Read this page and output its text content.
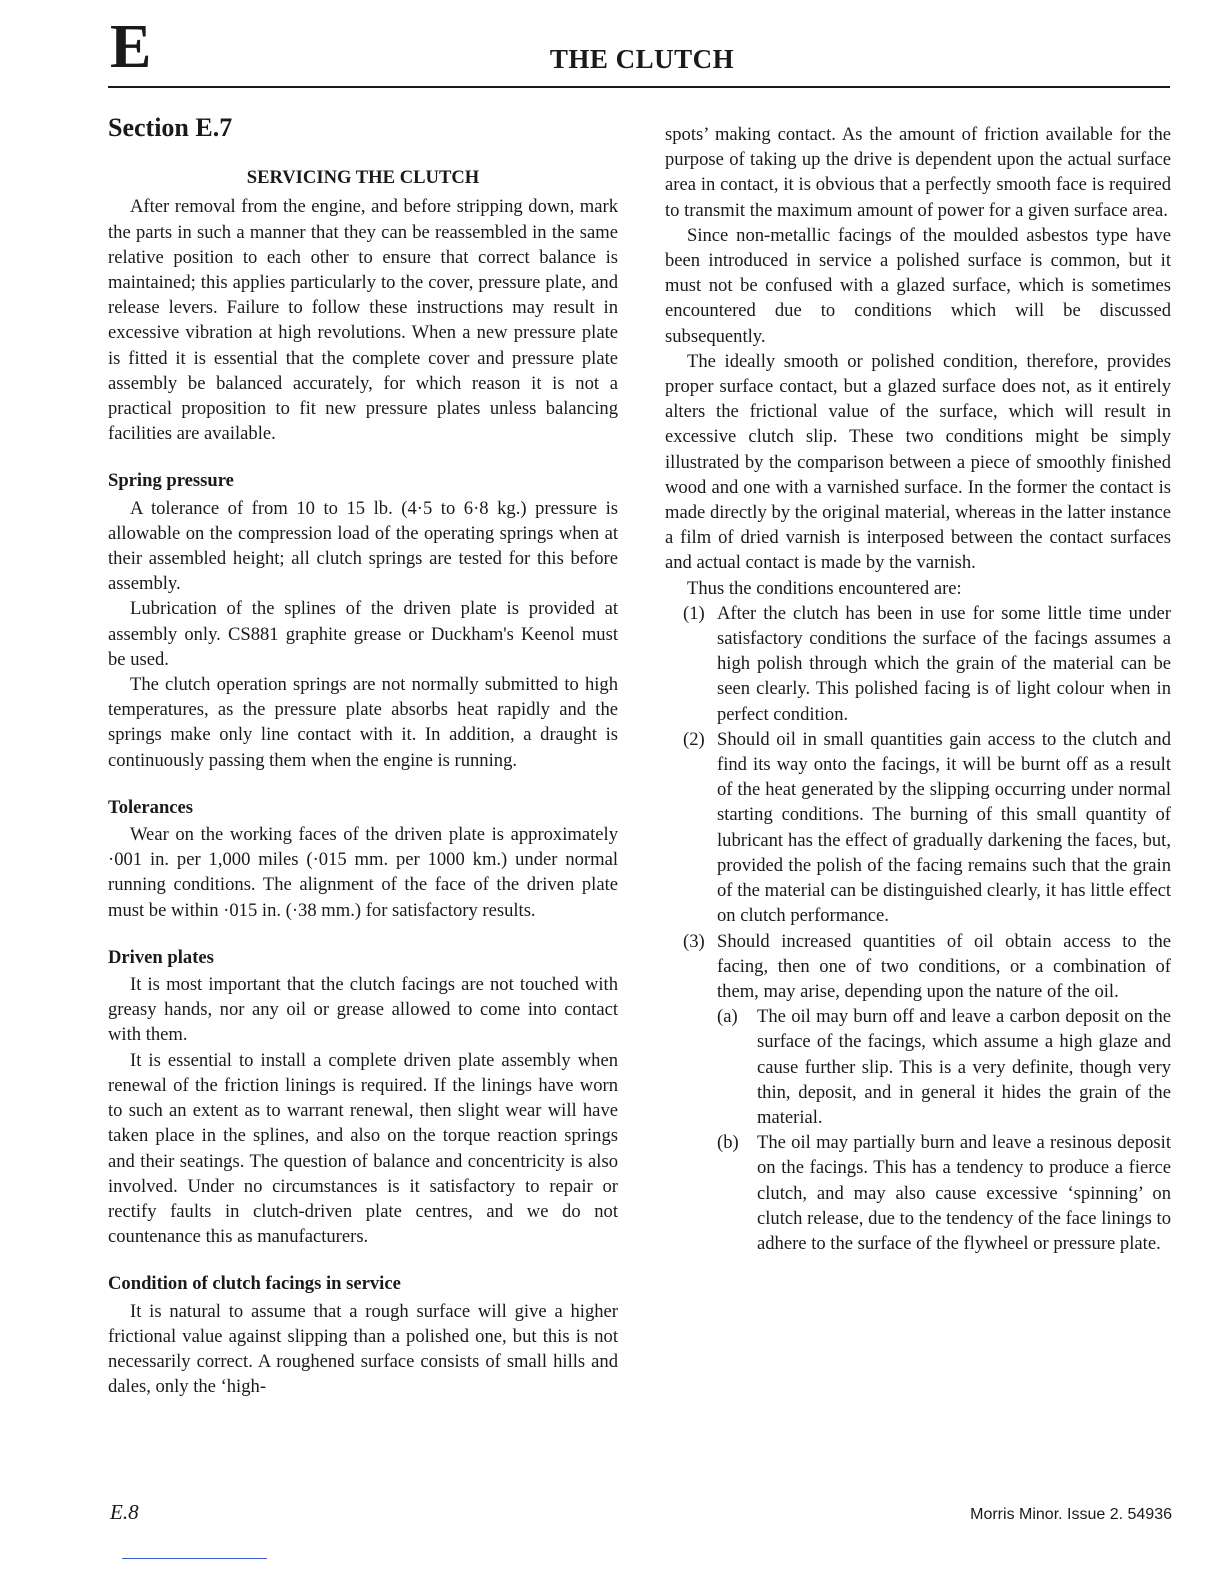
E	THE CLUTCH
Section E.7
SERVICING THE CLUTCH

After removal from the engine, and before stripping down, mark the parts in such a manner that they can be reassembled in the same relative position to each other to ensure that correct balance is maintained; this applies particularly to the cover, pressure plate, and release levers. Failure to follow these instructions may result in excessive vibration at high revolutions. When a new pressure plate is fitted it is essential that the complete cover and pressure plate assembly be balanced accurately, for which reason it is not a practical proposition to fit new pressure plates unless balancing facilities are available.

Spring pressure

A tolerance of from 10 to 15 lb. (4·5 to 6·8 kg.) pressure is allowable on the compression load of the operating springs when at their assembled height; all clutch springs are tested for this before assembly.

Lubrication of the splines of the driven plate is provided at assembly only. CS881 graphite grease or Duckham's Keenol must be used.

The clutch operation springs are not normally submitted to high temperatures, as the pressure plate absorbs heat rapidly and the springs make only line contact with it. In addition, a draught is continuously passing them when the engine is running.

Tolerances

Wear on the working faces of the driven plate is approximately ·001 in. per 1,000 miles (·015 mm. per 1000 km.) under normal running conditions. The alignment of the face of the driven plate must be within ·015 in. (·38 mm.) for satisfactory results.

Driven plates

It is most important that the clutch facings are not touched with greasy hands, nor any oil or grease allowed to come into contact with them.

It is essential to install a complete driven plate assembly when renewal of the friction linings is required. If the linings have worn to such an extent as to warrant renewal, then slight wear will have taken place in the splines, and also on the torque reaction springs and their seatings. The question of balance and concentricity is also involved. Under no circumstances is it satisfactory to repair or rectify faults in clutch-driven plate centres, and we do not countenance this as manufacturers.

Condition of clutch facings in service

It is natural to assume that a rough surface will give a higher frictional value against slipping than a polished one, but this is not necessarily correct. A roughened surface consists of small hills and dales, only the ‘high-

spots’ making contact. As the amount of friction available for the purpose of taking up the drive is dependent upon the actual surface area in contact, it is obvious that a perfectly smooth face is required to transmit the maximum amount of power for a given surface area.

Since non-metallic facings of the moulded asbestos type have been introduced in service a polished surface is common, but it must not be confused with a glazed surface, which is sometimes encountered due to conditions which will be discussed subsequently.

The ideally smooth or polished condition, therefore, provides proper surface contact, but a glazed surface does not, as it entirely alters the frictional value of the surface, which will result in excessive clutch slip. These two conditions might be simply illustrated by the comparison between a piece of smoothly finished wood and one with a varnished surface. In the former the contact is made directly by the original material, whereas in the latter instance a film of dried varnish is interposed between the contact surfaces and actual contact is made by the varnish.

Thus the conditions encountered are:

(1) After the clutch has been in use for some little time under satisfactory conditions the surface of the facings assumes a high polish through which the grain of the material can be seen clearly. This polished facing is of light colour when in perfect condition.
(2) Should oil in small quantities gain access to the clutch and find its way onto the facings, it will be burnt off as a result of the heat generated by the slipping occurring under normal starting conditions. The burning of this small quantity of lubricant has the effect of gradually darkening the faces, but, provided the polish of the facing remains such that the grain of the material can be distinguished clearly, it has little effect on clutch performance.
(3) Should increased quantities of oil obtain access to the facing, then one of two conditions, or a combination of them, may arise, depending upon the nature of the oil.
(a)	The oil may burn off and leave a carbon deposit on the surface of the facings, which assume a high glaze and cause further slip. This is a very definite, though very thin, deposit, and in general it hides the grain of the material.
(b) The oil may partially burn and leave a resinous deposit on the facings. This has a tendency to produce a fierce clutch, and may also cause excessive ‘spinning’ on clutch release, due to the tendency of the face linings to adhere to the surface of the flywheel or pressure plate.
E.8	Morris Minor. Issue 2. 54936
